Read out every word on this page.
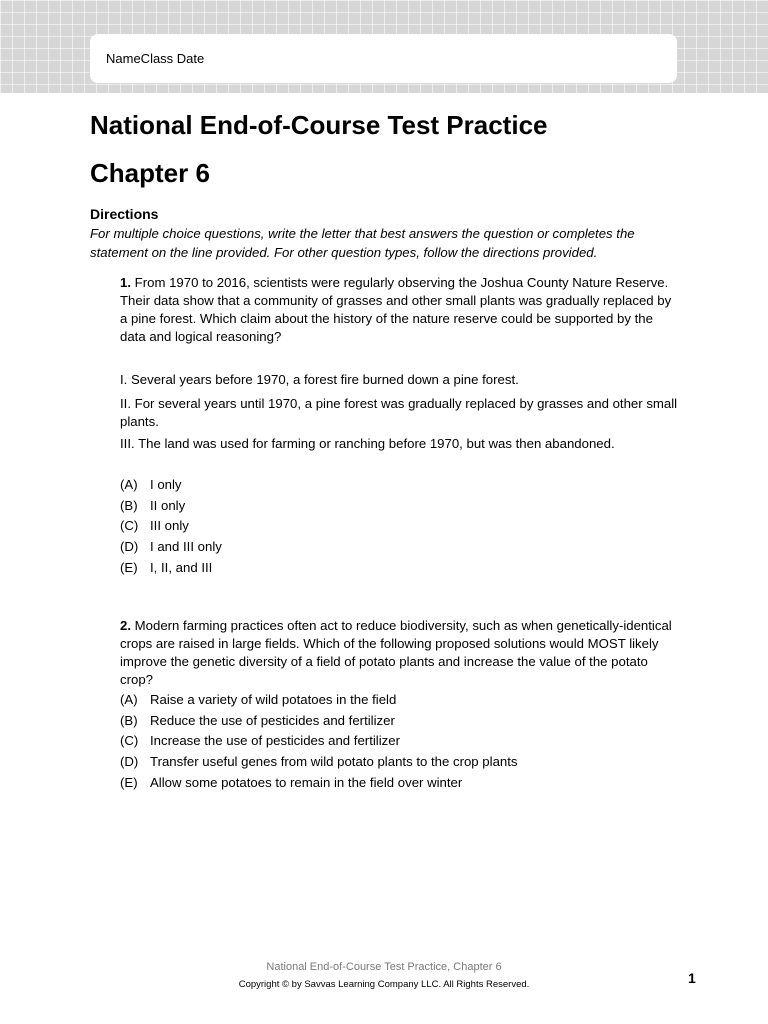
NameClass Date
National End-of-Course Test Practice
Chapter 6
Directions
For multiple choice questions, write the letter that best answers the question or completes the statement on the line provided. For other question types, follow the directions provided.
1. From 1970 to 2016, scientists were regularly observing the Joshua County Nature Reserve. Their data show that a community of grasses and other small plants was gradually replaced by a pine forest. Which claim about the history of the nature reserve could be supported by the data and logical reasoning?
I. Several years before 1970, a forest fire burned down a pine forest.
II. For several years until 1970, a pine forest was gradually replaced by grasses and other small plants.
III. The land was used for farming or ranching before 1970, but was then abandoned.
(A) I only
(B) II only
(C) III only
(D) I and III only
(E) I, II, and III
2. Modern farming practices often act to reduce biodiversity, such as when genetically-identical crops are raised in large fields. Which of the following proposed solutions would MOST likely improve the genetic diversity of a field of potato plants and increase the value of the potato crop?
(A) Raise a variety of wild potatoes in the field
(B) Reduce the use of pesticides and fertilizer
(C) Increase the use of pesticides and fertilizer
(D) Transfer useful genes from wild potato plants to the crop plants
(E) Allow some potatoes to remain in the field over winter
National End-of-Course Test Practice, Chapter 6
Copyright © by Savvas Learning Company LLC. All Rights Reserved.	1
